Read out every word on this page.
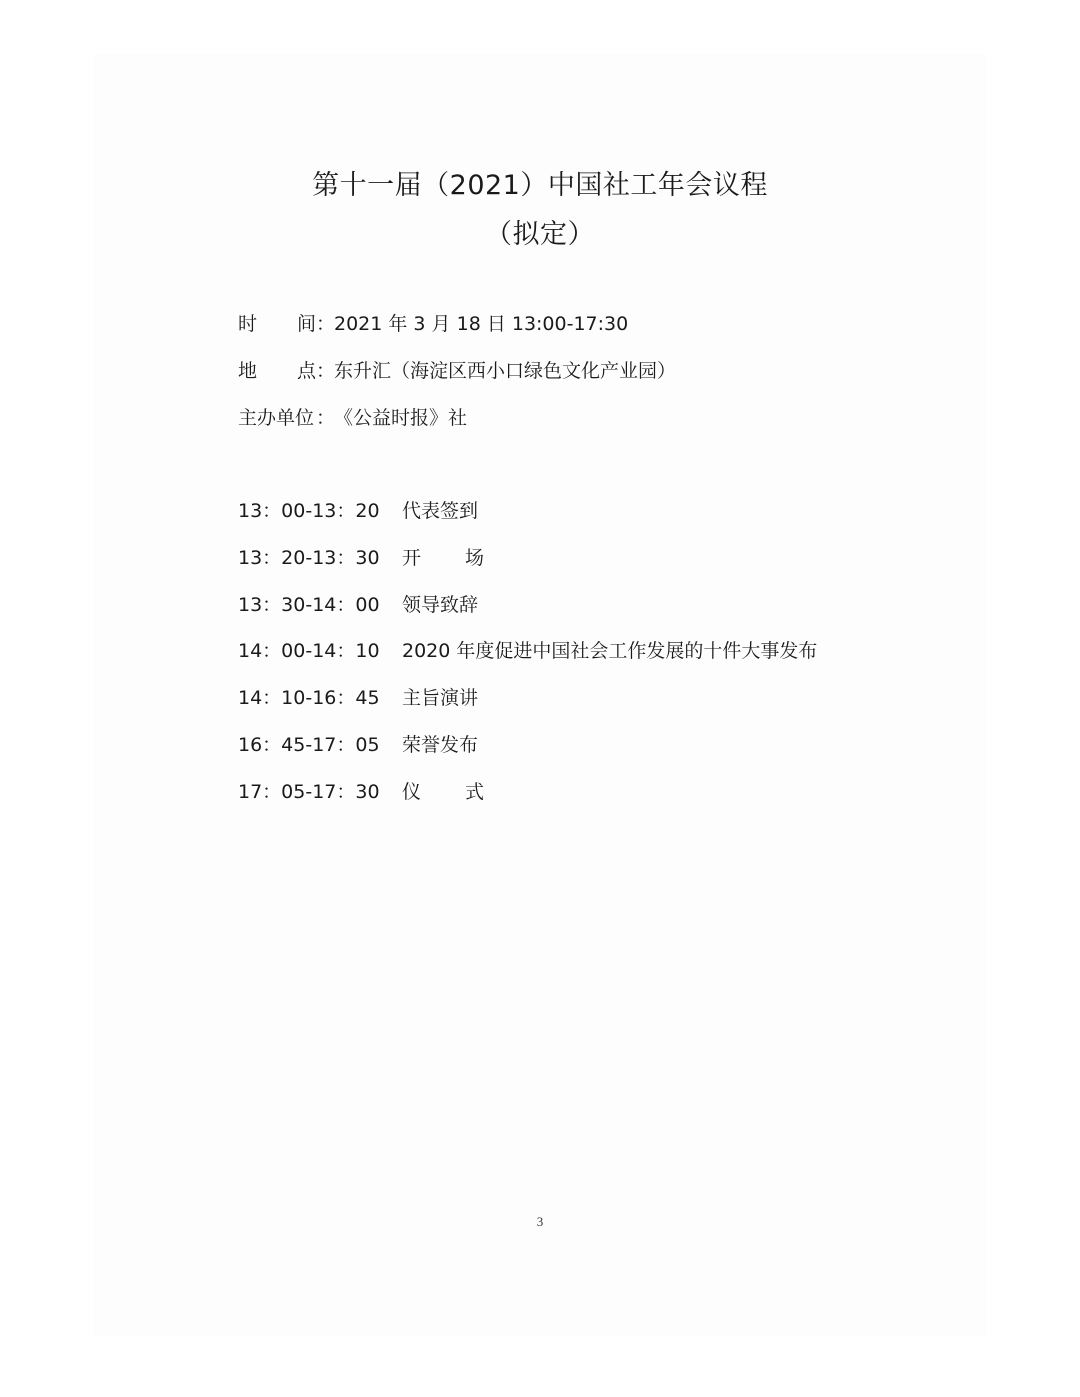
第十一届（2021）中国社工年会议程
（拟定）
时 间 ：2021 年 3 月 18 日 13:00-17:30
地 点 ：东升汇（海淀区西小口绿色文化产业园）
主办单位 ：《公益时报》社
13：00-13：20 代表签到
13：20-13：30 开 场
13：30-14：00 领导致辞
14：00-14：10 2020 年度促进中国社会工作发展的十件大事发布
14：10-16：45 主旨演讲
16：45-17：05 荣誉发布
17：05-17：30 仪 式
3
